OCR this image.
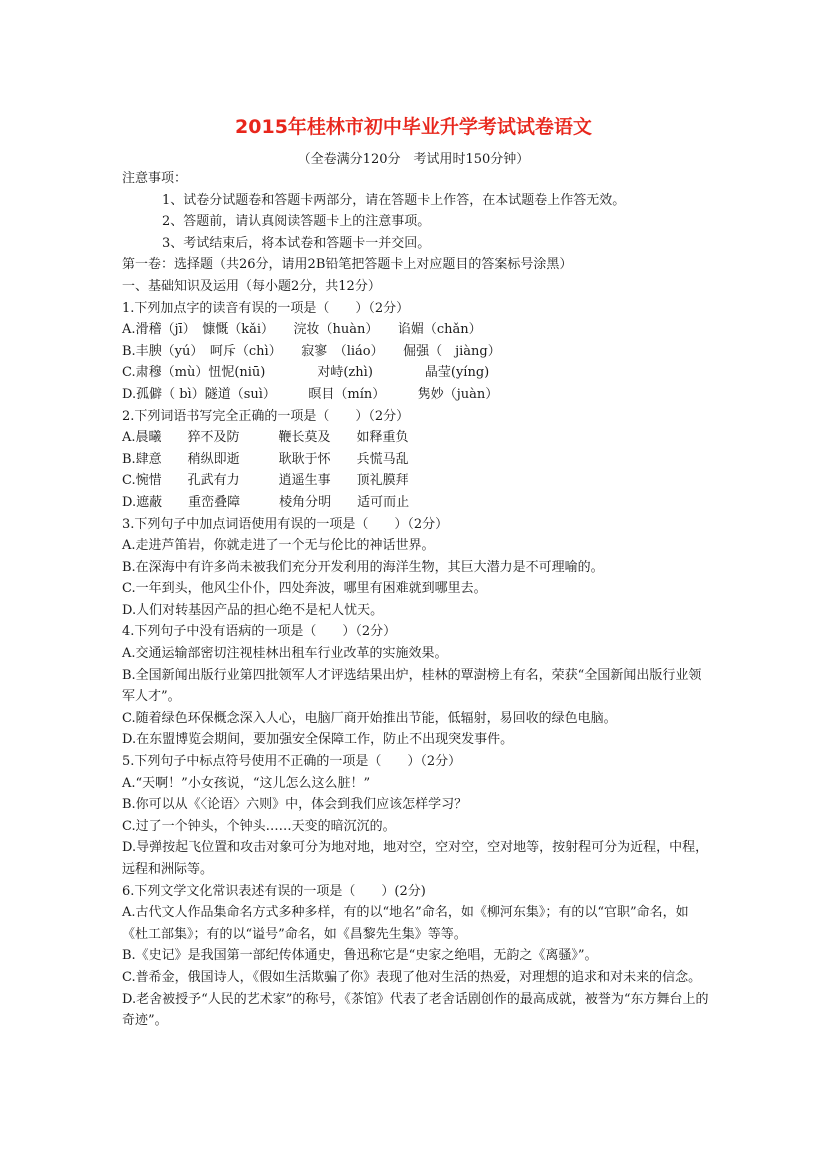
2015年桂林市初中毕业升学考试试卷语文
（全卷满分120分　考试用时150分钟）
注意事项：
1、试卷分试题卷和答题卡两部分，请在答题卡上作答，在本试题卷上作答无效。
2、答题前，请认真阅读答题卡上的注意事项。
3、考试结束后，将本试卷和答题卡一并交回。
第一卷：选择题（共26分，请用2B铅笔把答题卡上对应题目的答案标号涂黑）
一、基础知识及运用（每小题2分，共12分）
1.下列加点字的读音有误的一项是（　　）（2分）
A.滑稽（jī）　慷慨（kǎi）　　浣妆（huàn）　　谄媚（chǎn）
B.丰腴（yú）　呵斥（chì）　　寂寥　（liáo）　　倔强（　jiàng）
C.肃穆（mù）忸怩(niū)　　　　对峙(zhì)　　　　晶莹(yíng)
D.孤僻（ bì）隧道（suì）　　　暝目（mín）　　　隽妙（juàn）
2.下列词语书写完全正确的一项是（　　）（2分）
A.晨曦　　猝不及防　　　鞭长莫及　　如释重负
B.肆意　　稍纵即逝　　　耿耿于怀　　兵慌马乱
C.惋惜　　孔武有力　　　逍遥生事　　顶礼膜拜
D.遮蔽　　重峦叠障　　　棱角分明　　适可而止
3.下列句子中加点词语使用有误的一项是（　　）（2分）
A.走进芦笛岩，你就走进了一个无与伦比的神话世界。
B.在深海中有许多尚未被我们充分开发利用的海洋生物，其巨大潜力是不可理喻的。
C.一年到头，他风尘仆仆，四处奔波，哪里有困难就到哪里去。
D.人们对转基因产品的担心绝不是杞人忧天。
4.下列句子中没有语病的一项是（　　）（2分）
A.交通运输部密切注视桂林出租车行业改革的实施效果。
B.全国新闻出版行业第四批领军人才评选结果出炉，桂林的覃澍榜上有名，荣获“全国新闻出版行业领军人才”。
C.随着绿色环保概念深入人心，电脑厂商开始推出节能，低辐射，易回收的绿色电脑。
D.在东盟博览会期间，要加强安全保障工作，防止不出现突发事件。
5.下列句子中标点符号使用不正确的一项是（　　）（2分）
A.“天啊！”小女孩说，“这儿怎么这么脏！”
B.你可以从《〈论语〉六则》中，体会到我们应该怎样学习？
C.过了一个钟头，个钟头……天变的暗沉沉的。
D.导弹按起飞位置和攻击对象可分为地对地，地对空，空对空，空对地等，按射程可分为近程，中程，远程和洲际等。
6.下列文学文化常识表述有误的一项是（　　）(2分)
A.古代文人作品集命名方式多种多样，有的以“地名”命名，如《柳河东集》；有的以“官职”命名，如《杜工部集》；有的以“谥号”命名，如《昌黎先生集》等等。
B.《史记》是我国第一部纪传体通史，鲁迅称它是“史家之绝唱，无韵之《离骚》”。
C.普希金，俄国诗人，《假如生活欺骗了你》表现了他对生活的热爱，对理想的追求和对未来的信念。
D.老舍被授予“人民的艺术家”的称号，《茶馆》代表了老舍话剧创作的最高成就，被誉为“东方舞台上的奇迹”。
